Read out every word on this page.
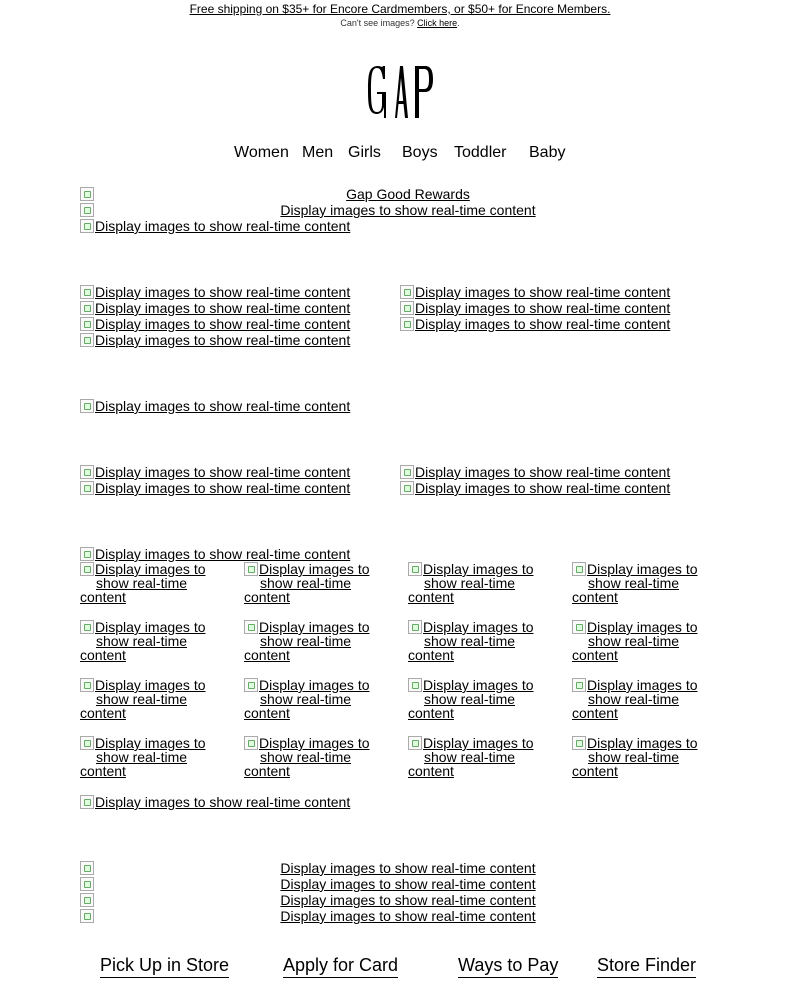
Free shipping on $35+ for Encore Cardmembers, or $50+ for Encore Members.
Can't see images? Click here.
Women Men Girls Boys Toddler Baby
Gap Good Rewards
Display images to show real-time content
Display images to show real-time content
Display images to show real-time content
Display images to show real-time content
Display images to show real-time content
Display images to show real-time content
Display images to show real-time content
Display images to show real-time content
Display images to show real-time content
Display images to show real-time content
Display images to show real-time content
Display images to show real-time content
Display images to show real-time content
Display images to show real-time content
Display images to show real-time content
Display images to
show real-time
content
Display images to
show real-time
content
Display images to
show real-time
content
Display images to
show real-time
content
Display images to
show real-time
content
Display images to
show real-time
content
Display images to
show real-time
content
Display images to
show real-time
content
Display images to
show real-time
content
Display images to
show real-time
content
Display images to
show real-time
content
Display images to
show real-time
content
Display images to
show real-time
content
Display images to
show real-time
content
Display images to
show real-time
content
Display images to
show real-time
content
Display images to show real-time content
Display images to show real-time content
Display images to show real-time content
Display images to show real-time content
Display images to show real-time content
Pick Up in Store	Apply for Card	Ways to Pay Store Finder
